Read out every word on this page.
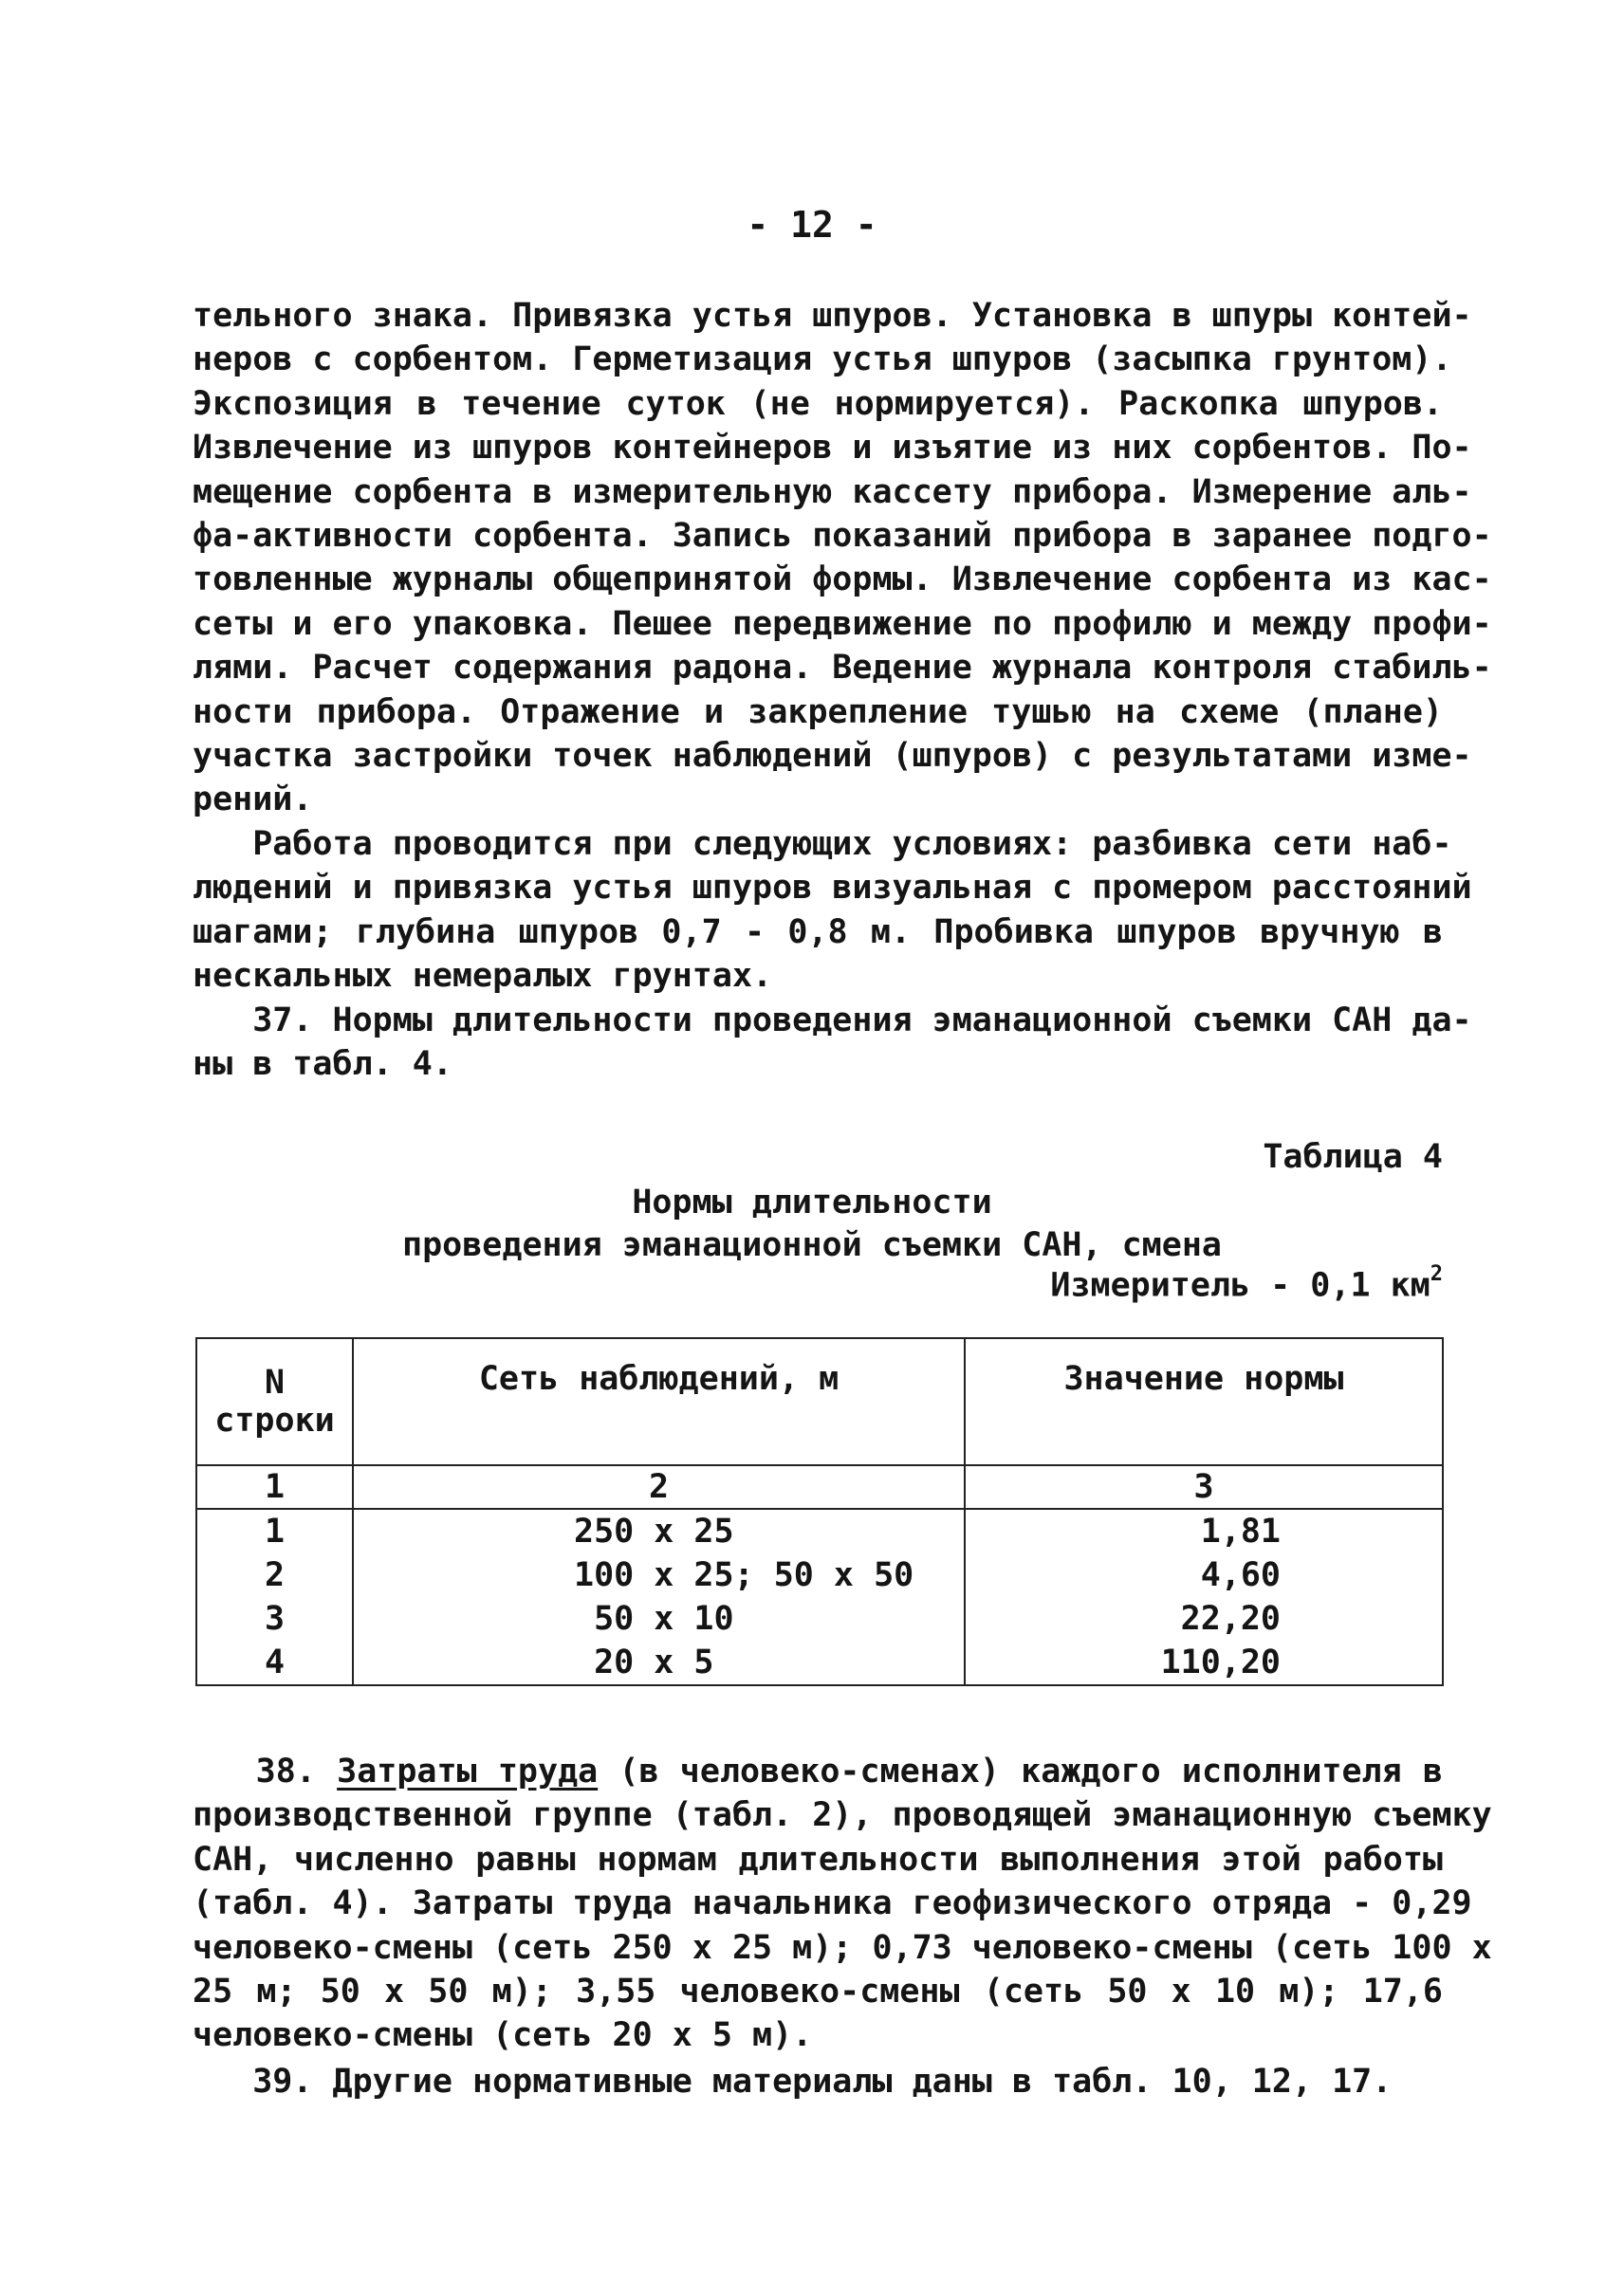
- 12 -
тельного знака. Привязка устья шпуров. Установка в шпуры контей-
неров с сорбентом. Герметизация устья шпуров (засыпка грунтом).
Экспозиция в течение суток (не нормируется). Раскопка шпуров.
Извлечение из шпуров контейнеров и изъятие из них сорбентов. По-
мещение сорбента в измерительную кассету прибора. Измерение аль-
фа-активности сорбента. Запись показаний прибора в заранее подго-
товленные журналы общепринятой формы. Извлечение сорбента из кас-
сеты и его упаковка. Пешее передвижение по профилю и между профи-
лями. Расчет содержания радона. Ведение журнала контроля стабиль-
ности прибора. Отражение и закрепление тушью на схеме (плане)
участка застройки точек наблюдений (шпуров) с результатами изме-
рений.
Работа проводится при следующих условиях: разбивка сети наб-
людений и привязка устья шпуров визуальная с промером расстояний
шагами; глубина шпуров 0,7 - 0,8 м. Пробивка шпуров вручную в
нескальных немералых грунтах.
37. Нормы длительности проведения эманационной съемки САН да-
ны в табл. 4.
Таблица 4
Нормы длительности
проведения эманационной съемки САН, смена
Измеритель - 0,1 $км^2$
N
строки	Сеть наблюдений, м	Значение нормы
1	2	3
1	250 х 25	1,81
2	100 х 25; 50 х 50	4,60
3	50 х 10	22,20
4	20 х 5	110,20
38. Затраты труда (в человеко-сменах) каждого исполнителя в
производственной группе (табл. 2), проводящей эманационную съемку
САН, численно равны нормам длительности выполнения этой работы
(табл. 4). Затраты труда начальника геофизического отряда - 0,29
человеко-смены (сеть 250 х 25 м); 0,73 человеко-смены (сеть 100 х
25 м; 50 х 50 м); 3,55 человеко-смены (сеть 50 х 10 м); 17,6
человеко-смены (сеть 20 х 5 м).
39. Другие нормативные материалы даны в табл. 10, 12, 17.
